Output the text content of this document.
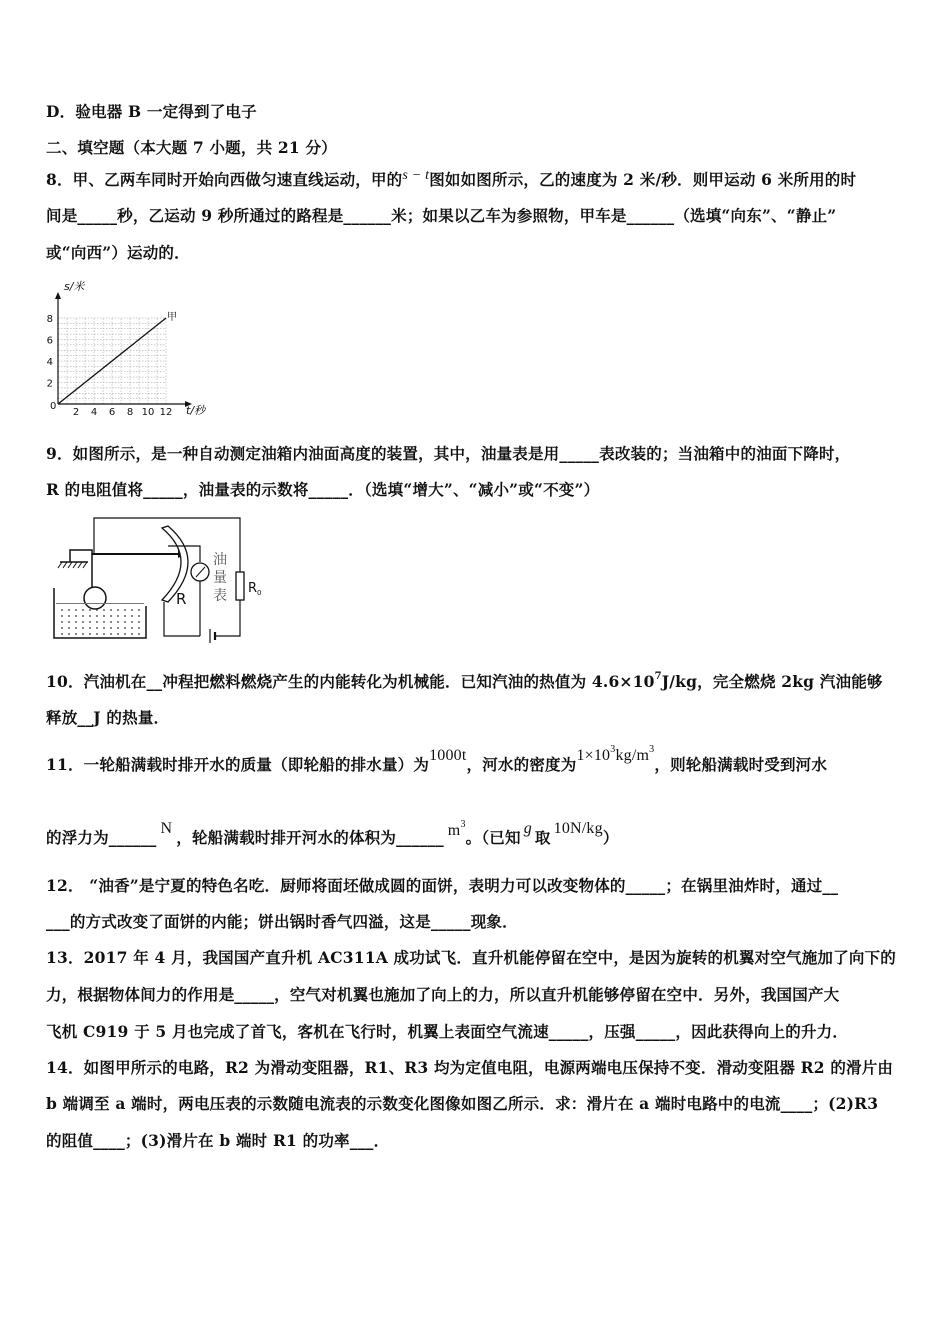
D．验电器 B 一定得到了电子
二、填空题（本大题 7 小题，共 21 分）
8．甲、乙两车同时开始向西做匀速直线运动，甲的s − t图如如图所示，乙的速度为 2 米/秒．则甲运动 6 米所用的时
间是_____秒，乙运动 9 秒所通过的路程是______米；如果以乙车为参照物，甲车是______（选填“向东”、“静止”
或“向西”）运动的．
2 4 6 8 10 12
2
4
6
8
s/米
t/秒
0
甲
9．如图所示，是一种自动测定油箱内油面高度的装置，其中，油量表是用_____表改装的；当油箱中的油面下降时，
R 的电阻值将_____，油量表的示数将_____．（选填“增大”、“减小”或“不变”）
R
油
量
表 R 0
10．汽油机在__冲程把燃料燃烧产生的内能转化为机械能．已知汽油的热值为 $4.6\times 10^7J/kg$，完全燃烧 2kg 汽油能够
释放__J 的热量．
11．一轮船满载时排开水的质量（即轮船的排水量）为1000t，河水的密度为$1\times 10^3kg/m^3$，则轮船满载时受到河水
的浮力为______ N ，轮船满载时排开河水的体积为______ $m^3$。（已知 g 取 10N/kg）
12． “油香”是宁夏的特色名吃．厨师将面坯做成圆的面饼，表明力可以改变物体的_____；在锅里油炸时，通过__
___的方式改变了面饼的内能；饼出锅时香气四溢，这是_____现象．
13．2017 年 4 月，我国国产直升机 AC311A 成功试飞．直升机能停留在空中，是因为旋转的机翼对空气施加了向下的
力，根据物体间力的作用是_____，空气对机翼也施加了向上的力，所以直升机能够停留在空中．另外，我国国产大
飞机 C919 于 5 月也完成了首飞，客机在飞行时，机翼上表面空气流速_____，压强_____，因此获得向上的升力．
14．如图甲所示的电路，R2 为滑动变阻器，R1、R3 均为定值电阻，电源两端电压保持不变．滑动变阻器 R2 的滑片由
b 端调至 a 端时，两电压表的示数随电流表的示数变化图像如图乙所示．求：滑片在 a 端时电路中的电流____；(2)R3
的阻值____；(3)滑片在 b 端时 R1 的功率___．
